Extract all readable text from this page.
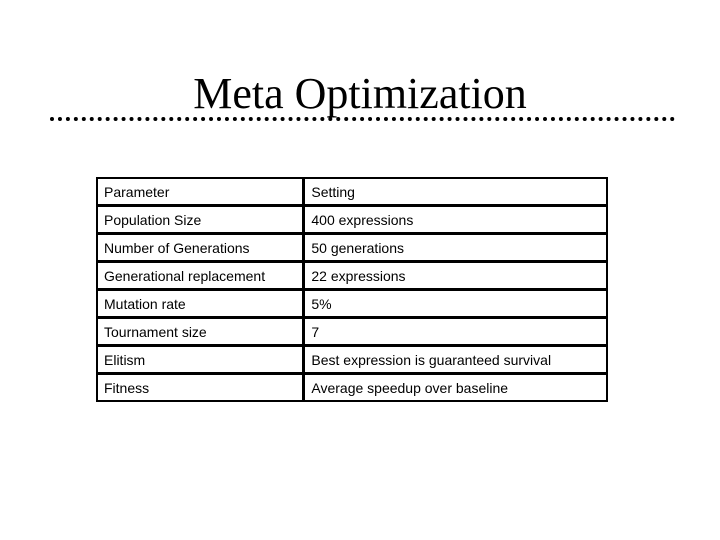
Meta Optimization
Parameter	Setting
Population Size	400 expressions
Number of Generations	50 generations
Generational replacement	22 expressions
Mutation rate	5%
Tournament size	7
Elitism	Best expression is guaranteed survival
Fitness	Average speedup over baseline
